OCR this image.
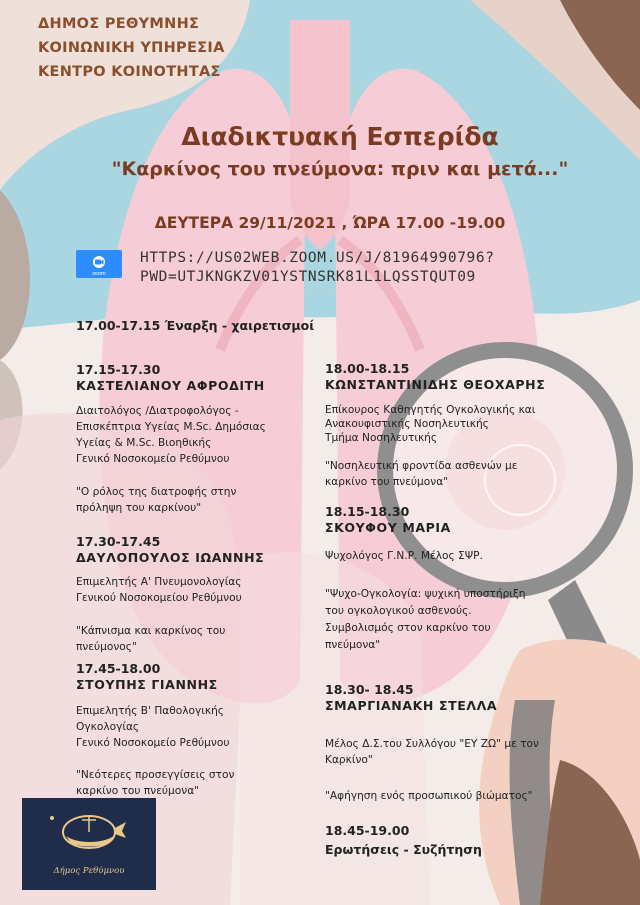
ΔΗΜΟΣ ΡΕΘΥΜΝΗΣ
ΚΟΙΝΩΝΙΚΗ ΥΠΗΡΕΣΙΑ
ΚΕΝΤΡΟ ΚΟΙΝΟΤΗΤΑΣ
Διαδικτυακή Εσπερίδα
"Καρκίνος του πνεύμονα: πριν και μετά..."
ΔΕΥΤΕΡΑ 29/11/2021 , ΏΡΑ 17.00 -19.00
zoom
HTTPS://US02WEB.ZOOM.US/J/81964990796?
PWD=UTJKNGKZV01YSTNSRK81L1LQSSTQUT09
17.00-17.15 Έναρξη - χαιρετισμοί
17.15-17.30
ΚΑΣΤΕΛΙΑΝΟΥ ΑΦΡΟΔΙΤΗ
Διαιτολόγος /Διατροφολόγος -
Επισκέπτρια Υγείας M.Sc. Δημόσιας
Υγείας & M.Sc. Βιοηθικής
Γενικό Νοσοκομείο Ρεθύμνου
"Ο ρόλος της διατροφής στην
πρόληψη του καρκίνου"
17.30-17.45
ΔΑΥΛΟΠΟΥΛΟΣ ΙΩΑΝΝΗΣ
Επιμελητής Α' Πνευμονολογίας
Γενικού Νοσοκομείου Ρεθύμνου
"Κάπνισμα και καρκίνος του
πνεύμονος"
17.45-18.00
ΣΤΟΥΠΗΣ ΓΙΑΝΝΗΣ
Επιμελητής Β' Παθολογικής
Ογκολογίας
Γενικό Νοσοκομείο Ρεθύμνου
"Νεότερες προσεγγίσεις στον
καρκίνο του πνεύμονα"
18.00-18.15
ΚΩΝΣΤΑΝΤΙΝΙΔΗΣ ΘΕΟΧΑΡΗΣ
Επίκουρος Καθηγητής Ογκολογικής και
Ανακουφιστικής Νοσηλευτικής
Τμήμα Νοσηλευτικής
"Νοσηλευτική φροντίδα ασθενών με
καρκίνο του πνεύμονα"
18.15-18.30
ΣΚΟΥΦΟΥ ΜΑΡΙΑ
Ψυχολόγος Γ.Ν.Ρ. Μέλος ΣΨΡ.
"Ψυχο-Ογκολογία: ψυχική υποστήριξη
του ογκολογικού ασθενούς.
Συμβολισμός στον καρκίνο του
πνεύμονα"
18.30- 18.45
ΣΜΑΡΓΙΑΝΑΚΗ ΣΤΕΛΛΑ
Μέλος Δ.Σ.του Συλλόγου "ΕΥ ΖΩ" με τον
Καρκίνο"
"Αφήγηση ενός προσωπικού βιώματος"
18.45-19.00
Ερωτήσεις - Συζήτηση
Δήμος Ρεθύμνου
